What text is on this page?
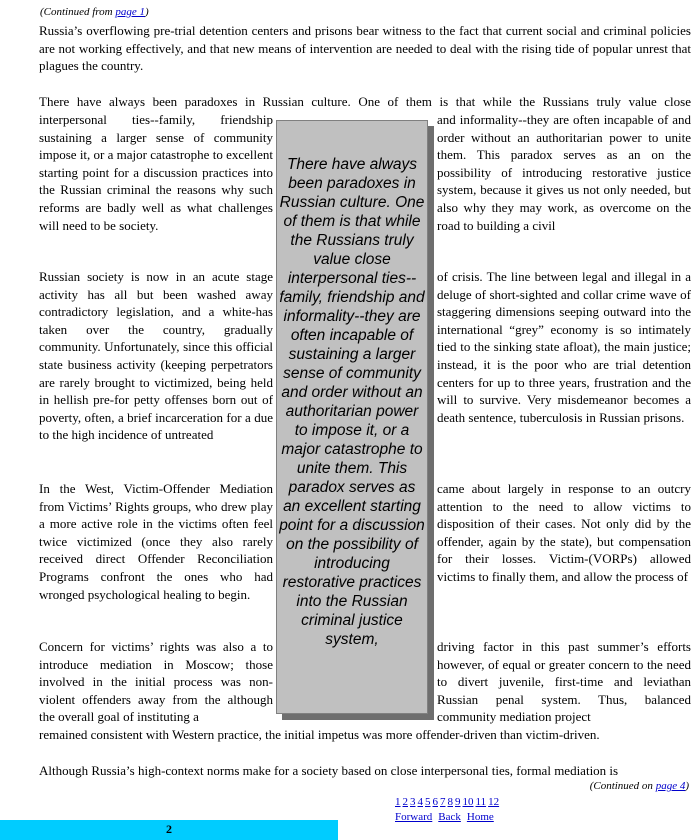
(Continued from page 1)

Russia’s overflowing pre-trial detention centers and prisons bear witness to the fact that current social and criminal policies are not working effectively, and that new means of intervention are needed to deal with the rising tide of popular unrest that plagues the country.

There have always been paradoxes in Russian culture. One of them is that while the Russians truly value close

interpersonal ties--family, friendship sustaining a larger sense of community impose it, or a major catastrophe to excellent starting point for a discussion practices into the Russian criminal the reasons why such reforms are badly well as what challenges will need to be society.

and informality--they are often incapable of and order without an authoritarian power to unite them. This paradox serves as an on the possibility of introducing restorative justice system, because it gives us not only needed, but also why they may work, as overcome on the road to building a civil

Russian society is now in an acute stage activity has all but been washed away contradictory legislation, and a white-has taken over the country, gradually community. Unfortunately, since this official state business activity (keeping perpetrators are rarely brought to victimized, being held in hellish pre-for petty offenses born out of poverty, often, a brief incarceration for a due to the high incidence of untreated

of crisis. The line between legal and illegal in a deluge of short-sighted and collar crime wave of staggering dimensions seeping outward into the international “grey” economy is so intimately tied to the sinking state afloat), the main justice; instead, it is the poor who are trial detention centers for up to three years, frustration and the will to survive. Very misdemeanor becomes a death sentence, tuberculosis in Russian prisons.

In the West, Victim-Offender Mediation from Victims’ Rights groups, who drew play a more active role in the victims often feel twice victimized (once they also rarely received direct Offender Reconciliation Programs confront the ones who had wronged psychological healing to begin.

came about largely in response to an outcry attention to the need to allow victims to disposition of their cases. Not only did by the offender, again by the state), but compensation for their losses. Victim-(VORPs) allowed victims to finally them, and allow the process of

Concern for victims’ rights was also a to introduce mediation in Moscow; those involved in the initial process was non-violent offenders away from the although the overall goal of instituting a

driving factor in this past summer’s efforts however, of equal or greater concern to the need to divert juvenile, first-time and leviathan Russian penal system. Thus, balanced community mediation project

remained consistent with Western practice, the initial impetus was more offender-driven than victim-driven.

Although Russia’s high-context norms make for a society based on close interpersonal ties, formal mediation is

There have always been paradoxes in Russian culture. One of them is that while the Russians truly value close interpersonal ties--family, friendship and informality--they are often incapable of sustaining a larger sense of community and order without an authoritarian power to impose it, or a major catastrophe to unite them. This paradox serves as an excellent starting point for a discussion on the possibility of introducing restorative practices into the Russian criminal justice system,
(Continued on page 4)
1 2 3 4 5 6 7 8 9 10 11 12
Forward Back Home
2
